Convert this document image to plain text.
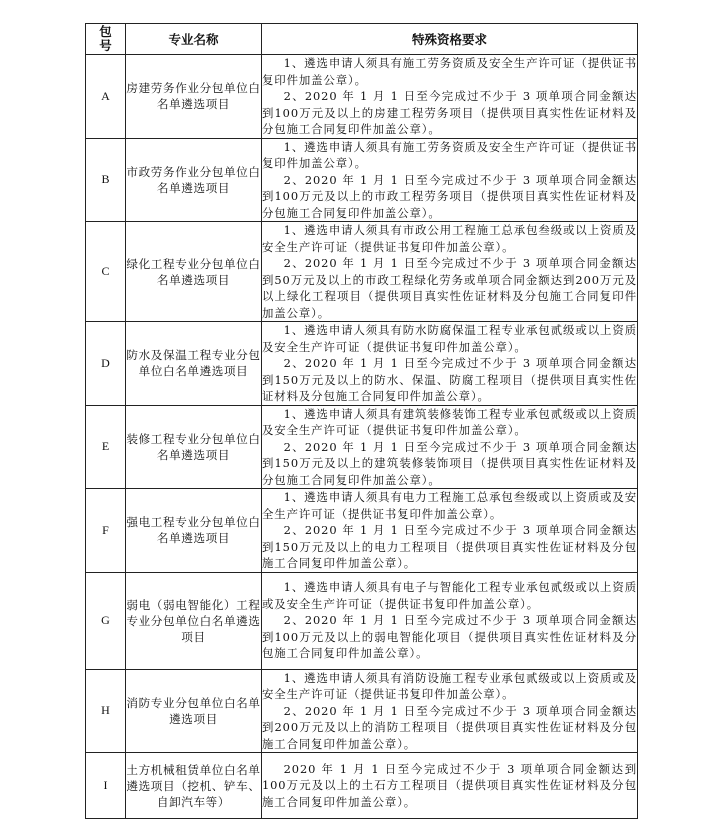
包
号	专业名称	特殊资格要求
A	房建劳务作业分包单位白名单遴选项目	1、遴选申请人须具有施工劳务资质及安全生产许可证（提供证书复印件加盖公章）。

2、2020 年 1 月 1 日至今完成过不少于 3 项单项合同金额达到100万元及以上的房建工程劳务项目（提供项目真实性佐证材料及分包施工合同复印件加盖公章）。

B	市政劳务作业分包单位白名单遴选项目	1、遴选申请人须具有施工劳务资质及安全生产许可证（提供证书复印件加盖公章）。

2、2020 年 1 月 1 日至今完成过不少于 3 项单项合同金额达到100万元及以上的市政工程劳务项目（提供项目真实性佐证材料及分包施工合同复印件加盖公章）。

C	绿化工程专业分包单位白名单遴选项目	1、遴选申请人须具有市政公用工程施工总承包叁级或以上资质及安全生产许可证（提供证书复印件加盖公章）。

2、2020 年 1 月 1 日至今完成过不少于 3 项单项合同金额达到50万元及以上的市政工程绿化劳务或单项合同金额达到200万元及以上绿化工程项目（提供项目真实性佐证材料及分包施工合同复印件加盖公章）。

D	防水及保温工程专业分包单位白名单遴选项目	1、遴选申请人须具有防水防腐保温工程专业承包贰级或以上资质及安全生产许可证（提供证书复印件加盖公章）。

2、2020 年 1 月 1 日至今完成过不少于 3 项单项合同金额达到150万元及以上的防水、保温、防腐工程项目（提供项目真实性佐证材料及分包施工合同复印件加盖公章）。

E	装修工程专业分包单位白名单遴选项目	1、遴选申请人须具有建筑装修装饰工程专业承包贰级或以上资质及安全生产许可证（提供证书复印件加盖公章）。

2、2020 年 1 月 1 日至今完成过不少于 3 项单项合同金额达到150万元及以上的建筑装修装饰项目（提供项目真实性佐证材料及分包施工合同复印件加盖公章）。

F	强电工程专业分包单位白名单遴选项目	1、遴选申请人须具有电力工程施工总承包叁级或以上资质或及安全生产许可证（提供证书复印件加盖公章）。

2、2020 年 1 月 1 日至今完成过不少于 3 项单项合同金额达到150万元及以上的电力工程项目（提供项目真实性佐证材料及分包施工合同复印件加盖公章）。

G	弱电（弱电智能化）工程专业分包单位白名单遴选项目	1、遴选申请人须具有电子与智能化工程专业承包贰级或以上资质或及安全生产许可证（提供证书复印件加盖公章）。

2、2020 年 1 月 1 日至今完成过不少于 3 项单项合同金额达到100万元及以上的弱电智能化项目（提供项目真实性佐证材料及分包施工合同复印件加盖公章）。

H	消防专业分包单位白名单遴选项目	1、遴选申请人须具有消防设施工程专业承包贰级或以上资质或及安全生产许可证（提供证书复印件加盖公章）。

2、2020 年 1 月 1 日至今完成过不少于 3 项单项合同金额达到200万元及以上的消防工程项目（提供项目真实性佐证材料及分包施工合同复印件加盖公章）。

I	土方机械租赁单位白名单遴选项目（挖机、铲车、自卸汽车等）	2020 年 1 月 1 日至今完成过不少于 3 项单项合同金额达到100万元及以上的土石方工程项目（提供项目真实性佐证材料及分包施工合同复印件加盖公章）。
